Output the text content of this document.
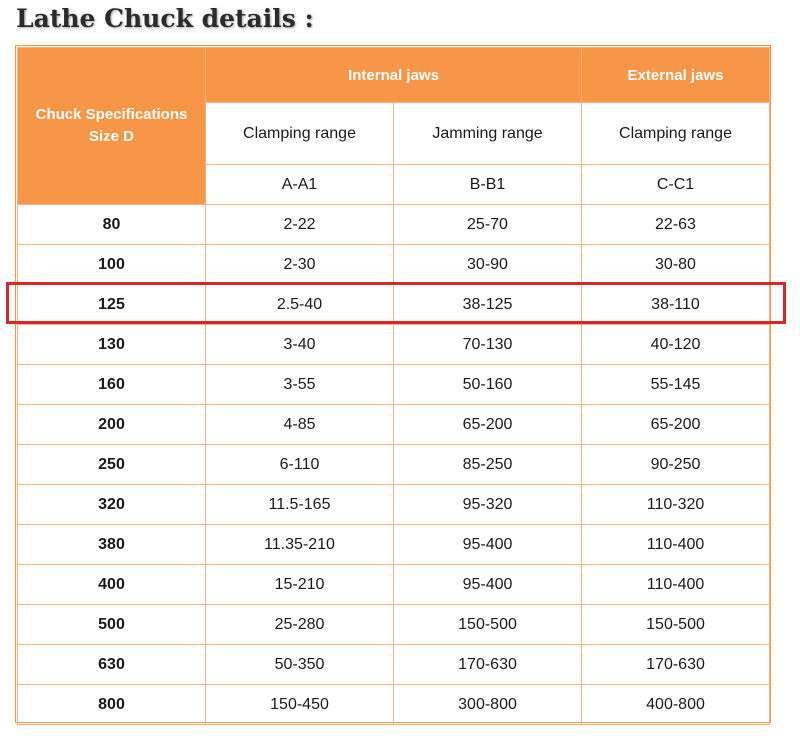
Lathe Chuck details :
Chuck Specifications
Size D	Internal jaws		External jaws
	Clamping range	Jamming range	Clamping range
	A-A1	B-B1	C-C1
80	2-22	25-70	22-63
100	2-30	30-90	30-80
125	2.5-40	38-125	38-110
130	3-40	70-130	40-120
160	3-55	50-160	55-145
200	4-85	65-200	65-200
250	6-110	85-250	90-250
320	11.5-165	95-320	110-320
380	11.35-210	95-400	110-400
400	15-210	95-400	110-400
500	25-280	150-500	150-500
630	50-350	170-630	170-630
800	150-450	300-800	400-800
